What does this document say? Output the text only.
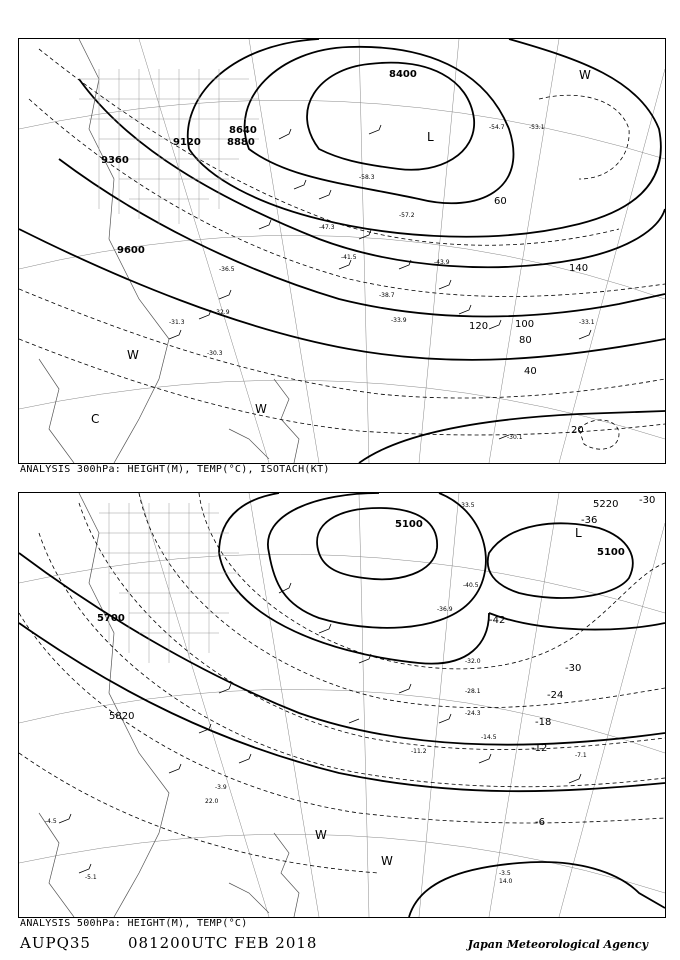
8400
8640
8880
9120
9360
9600
20
40
60
80
100
120
140
L
W
W
C
W
-54.7
-58.3
-57.2
-47.3
-43.9
-41.5
-38.7
-33.9
-36.5
-32.9
-31.3
-30.3
-30.1
-53.1
-33.1
ANALYSIS 300hPa: HEIGHT(M), TEMP(°C), ISOTACH(KT)
5100
5100
5220
5700
5820
-42
-36
-30
-24
-18
-12
-6
-30
L
W
W
-33.5
-40.5
-36.9
-32.0
-28.1
-24.3
-14.5
-11.2
-7.1
-3.9
-5.1
-4.5
-3.5
14.0
22.0
ANALYSIS 500hPa: HEIGHT(M), TEMP(°C)
AUPQ35 081200UTC FEB 2018	Japan Meteorological Agency
